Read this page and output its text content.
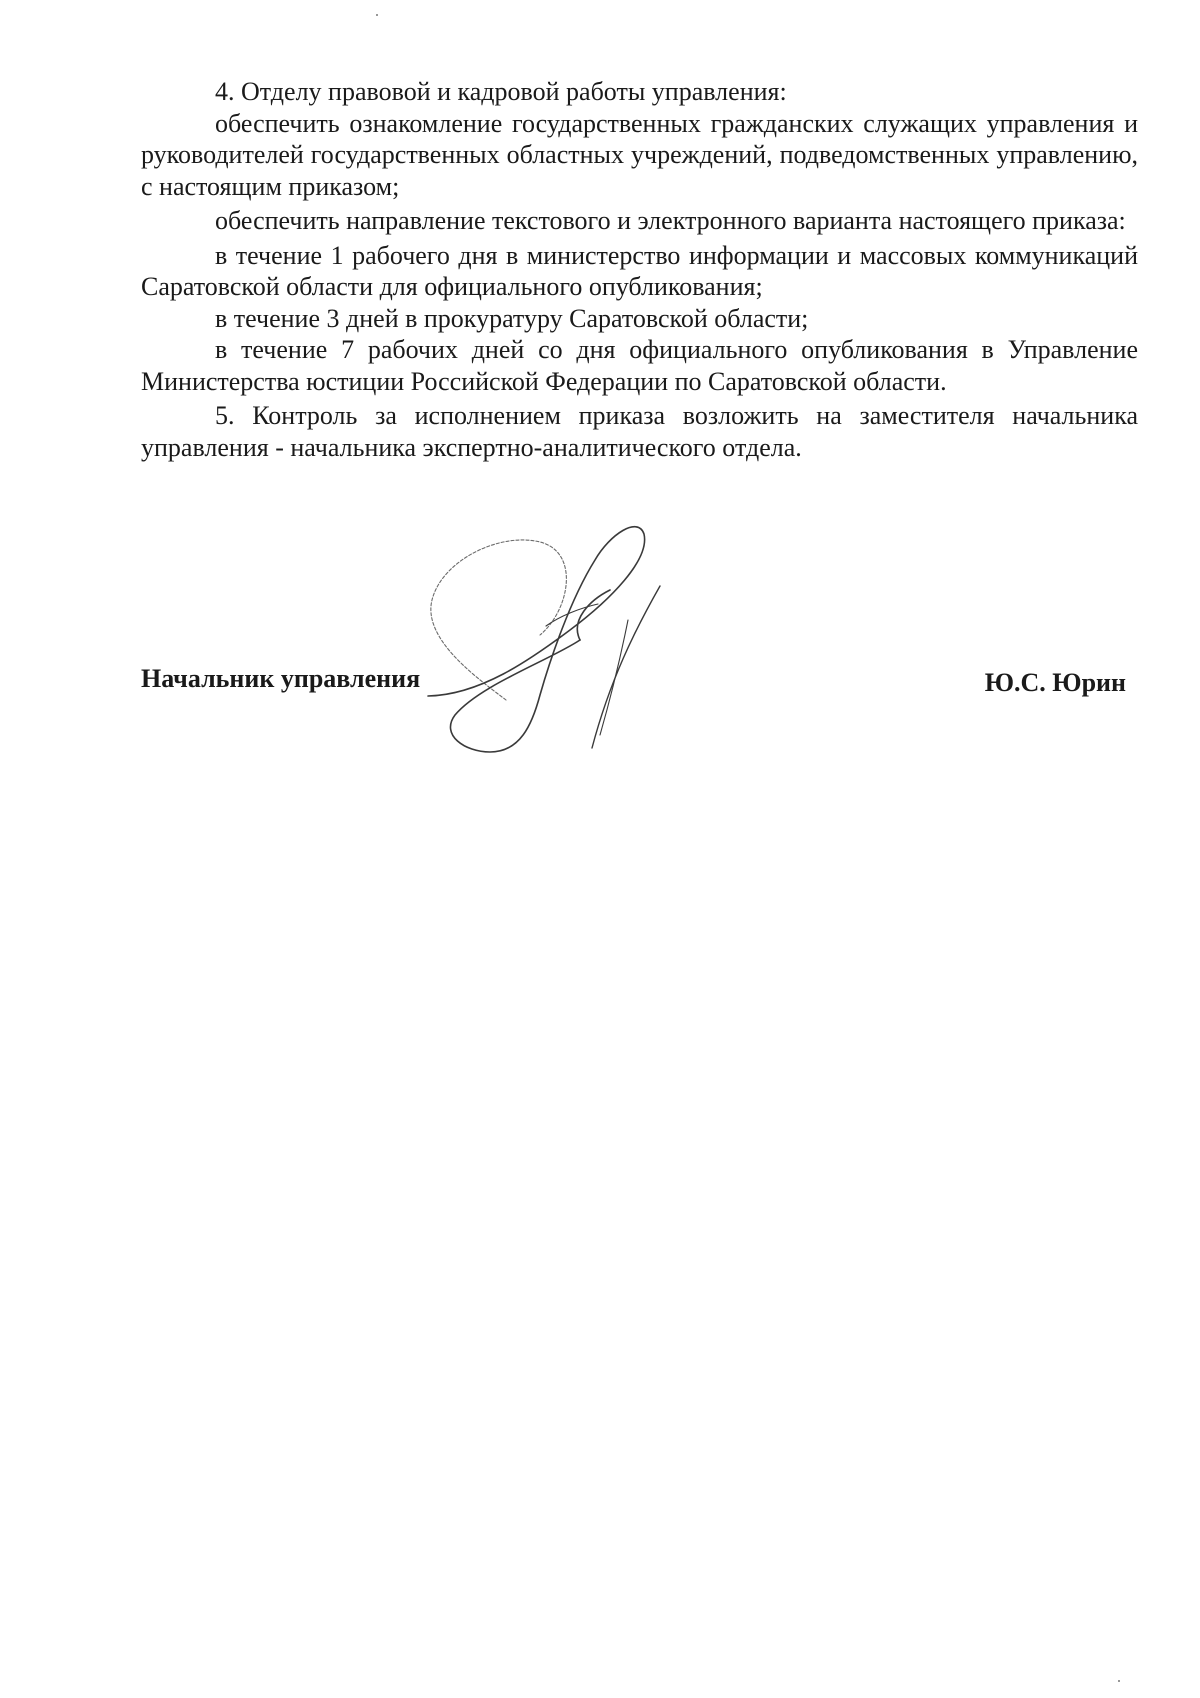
4. Отделу правовой и кадровой работы управления:

обеспечить ознакомление государственных гражданских служащих управления и руководителей государственных областных учреждений, подведомственных управлению, с настоящим приказом;

обеспечить направление текстового и электронного варианта настоящего приказа:

в течение 1 рабочего дня в министерство информации и массовых коммуникаций Саратовской области для официального опубликования;

в течение 3 дней в прокуратуру Саратовской области;

в течение 7 рабочих дней со дня официального опубликования в Управление Министерства юстиции Российской Федерации по Саратовской области.

5. Контроль за исполнением приказа возложить на заместителя начальника управления - начальника экспертно-аналитического отдела.

Начальник управления	Ю.С. Юрин
